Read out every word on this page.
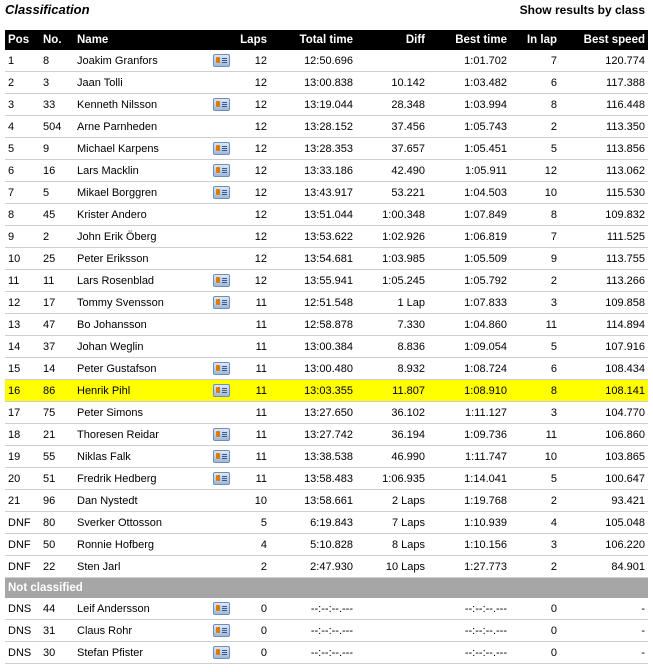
Classification	Show results by class
Pos	No.	Name		Laps	Total time	Diff	Best time	In lap	Best speed
1	8	Joakim Granfors		12	12:50.696		1:01.702	7	120.774
2	3	Jaan Tolli		12	13:00.838	10.142	1:03.482	6	117.388
3	33	Kenneth Nilsson		12	13:19.044	28.348	1:03.994	8	116.448
4	504	Arne Parnheden		12	13:28.152	37.456	1:05.743	2	113.350
5	9	Michael Karpens		12	13:28.353	37.657	1:05.451	5	113.856
6	16	Lars Macklin		12	13:33.186	42.490	1:05.911	12	113.062
7	5	Mikael Borggren		12	13:43.917	53.221	1:04.503	10	115.530
8	45	Krister Andero		12	13:51.044	1:00.348	1:07.849	8	109.832
9	2	John Erik Öberg		12	13:53.622	1:02.926	1:06.819	7	111.525
10	25	Peter Eriksson		12	13:54.681	1:03.985	1:05.509	9	113.755
11	11	Lars Rosenblad		12	13:55.941	1:05.245	1:05.792	2	113.266
12	17	Tommy Svensson		11	12:51.548	1 Lap	1:07.833	3	109.858
13	47	Bo Johansson		11	12:58.878	7.330	1:04.860	11	114.894
14	37	Johan Weglin		11	13:00.384	8.836	1:09.054	5	107.916
15	14	Peter Gustafson		11	13:00.480	8.932	1:08.724	6	108.434
16	86	Henrik Pihl		11	13:03.355	11.807	1:08.910	8	108.141
17	75	Peter Simons		11	13:27.650	36.102	1:11.127	3	104.770
18	21	Thoresen Reidar		11	13:27.742	36.194	1:09.736	11	106.860
19	55	Niklas Falk		11	13:38.538	46.990	1:11.747	10	103.865
20	51	Fredrik Hedberg		11	13:58.483	1:06.935	1:14.041	5	100.647
21	96	Dan Nystedt		10	13:58.661	2 Laps	1:19.768	2	93.421
DNF	80	Sverker Ottosson		5	6:19.843	7 Laps	1:10.939	4	105.048
DNF	50	Ronnie Hofberg		4	5:10.828	8 Laps	1:10.156	3	106.220
DNF	22	Sten Jarl		2	2:47.930	10 Laps	1:27.773	2	84.901
Not classified									
DNS	44	Leif Andersson		0	--:--:--.---		--:--:--.---	0	-
DNS	31	Claus Rohr		0	--:--:--.---		--:--:--.---	0	-
DNS	30	Stefan Pfister		0	--:--:--.---		--:--:--.---	0	-
